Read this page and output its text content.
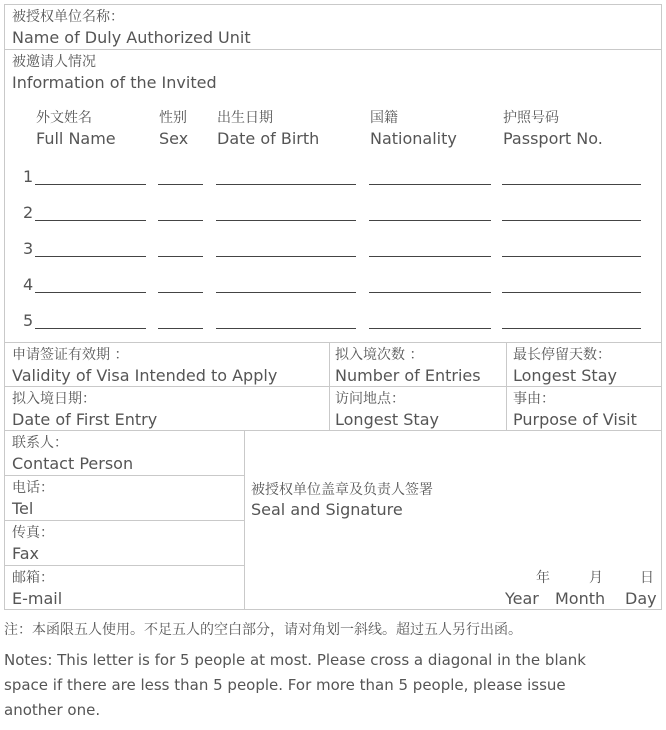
被授权单位名称：
Name of Duly Authorized Unit
被邀请人情况
Information of the Invited
外文姓名
Full Name
性别
Sex
出生日期
Date of Birth
国籍
Nationality
护照号码
Passport No.
1
2
3
4
5
申请签证有效期 ：
Validity of Visa Intended to Apply
拟入境次数 ：
Number of Entries
最长停留天数：
Longest Stay
拟入境日期：
Date of First Entry
访问地点：
Longest Stay
事由：
Purpose of Visit
联系人：
Contact Person
电话：
Tel
传真：
Fax
邮箱：
E-mail
被授权单位盖章及负责人签署
Seal and Signature
年
Year
月
Month
日
Day
注：本函限五人使用。不足五人的空白部分，请对角划一斜线。超过五人另行出函。
Notes: This letter is for 5 people at most. Please cross a diagonal in the blank
space if there are less than 5 people. For more than 5 people, please issue
another one.
